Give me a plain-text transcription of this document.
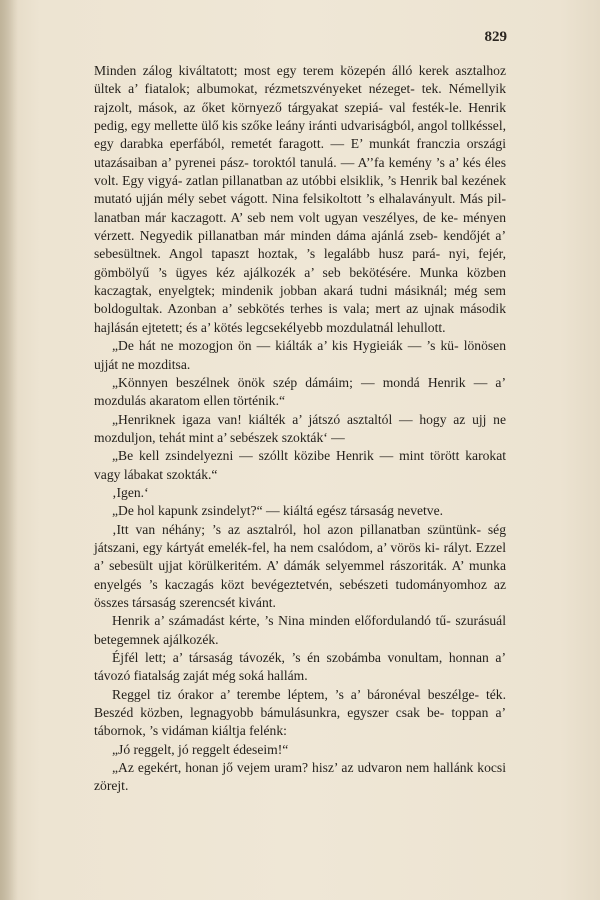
829

Minden zálog kiváltatott; most egy terem közepén álló kerek asztalhoz ültek a’ fiatalok; albumokat, rézmetszvényeket nézeget- tek. Némellyik rajzolt, mások, az őket környező tárgyakat szepiá- val festék-le. Henrik pedig, egy mellette ülő kis szőke leány iránti udvariságból, angol tollkéssel, egy darabka eperfából, remetét faragott. — E’ munkát franczia országi utazásaiban a’ pyrenei pász- toroktól tanulá. — A’’fa kemény ’s a’ kés éles volt. Egy vigyá- zatlan pillanatban az utóbbi elsiklik, ’s Henrik bal kezének mutató ujján mély sebet vágott. Nina felsikoltott ’s elhalaványult. Más pil- lanatban már kaczagott. A’ seb nem volt ugyan veszélyes, de ke- ményen vérzett. Negyedik pillanatban már minden dáma ajánlá zseb- kendőjét a’ sebesültnek. Angol tapaszt hoztak, ’s legalább husz pará- nyi, fejér, gömbölyű ’s ügyes kéz ajálkozék a’ seb bekötésére. Munka közben kaczagtak, enyelgtek; mindenik jobban akará tudni másiknál; még sem boldogultak. Azonban a’ sebkötés terhes is vala; mert az ujnak második hajlásán ejtetett; és a’ kötés legcsekélyebb mozdulatnál lehullott.

„De hát ne mozogjon ön — kiálták a’ kis Hygieiák — ’s kü- lönösen ujját ne mozditsa.

„Könnyen beszélnek önök szép dámáim; — mondá Henrik — a’ mozdulás akaratom ellen történik.“

„Henriknek igaza van! kiálték a’ játszó asztaltól — hogy az ujj ne mozduljon, tehát mint a’ sebészek szokták‘ —

„Be kell zsindelyezni — szóllt közibe Henrik — mint törött karokat vagy lábakat szokták.“

‚Igen.‘

„De hol kapunk zsindelyt?“ — kiáltá egész társaság nevetve.

‚Itt van néhány; ’s az asztalról, hol azon pillanatban szüntünk- ség játszani, egy kártyát emelék-fel, ha nem csalódom, a’ vörös ki- rályt. Ezzel a’ sebesült ujjat körülkeritém. A’ dámák selyemmel rászoriták. A’ munka enyelgés ’s kaczagás közt bevégeztetvén, sebészeti tudományomhoz az összes társaság szerencsét kivánt.

Henrik a’ számadást kérte, ’s Nina minden előfordulandó tű- szurásuál betegemnek ajálkozék.

Éjfél lett; a’ társaság távozék, ’s én szobámba vonultam, honnan a’ távozó fiatalság zaját még soká hallám.

Reggel tiz órakor a’ terembe léptem, ’s a’ báronéval beszélge- ték. Beszéd közben, legnagyobb bámulásunkra, egyszer csak be- toppan a’ tábornok, ’s vidáman kiáltja felénk:

„Jó reggelt, jó reggelt édeseim!“

„Az egekért, honan jő vejem uram? hisz’ az udvaron nem hallánk kocsi zörejt.
